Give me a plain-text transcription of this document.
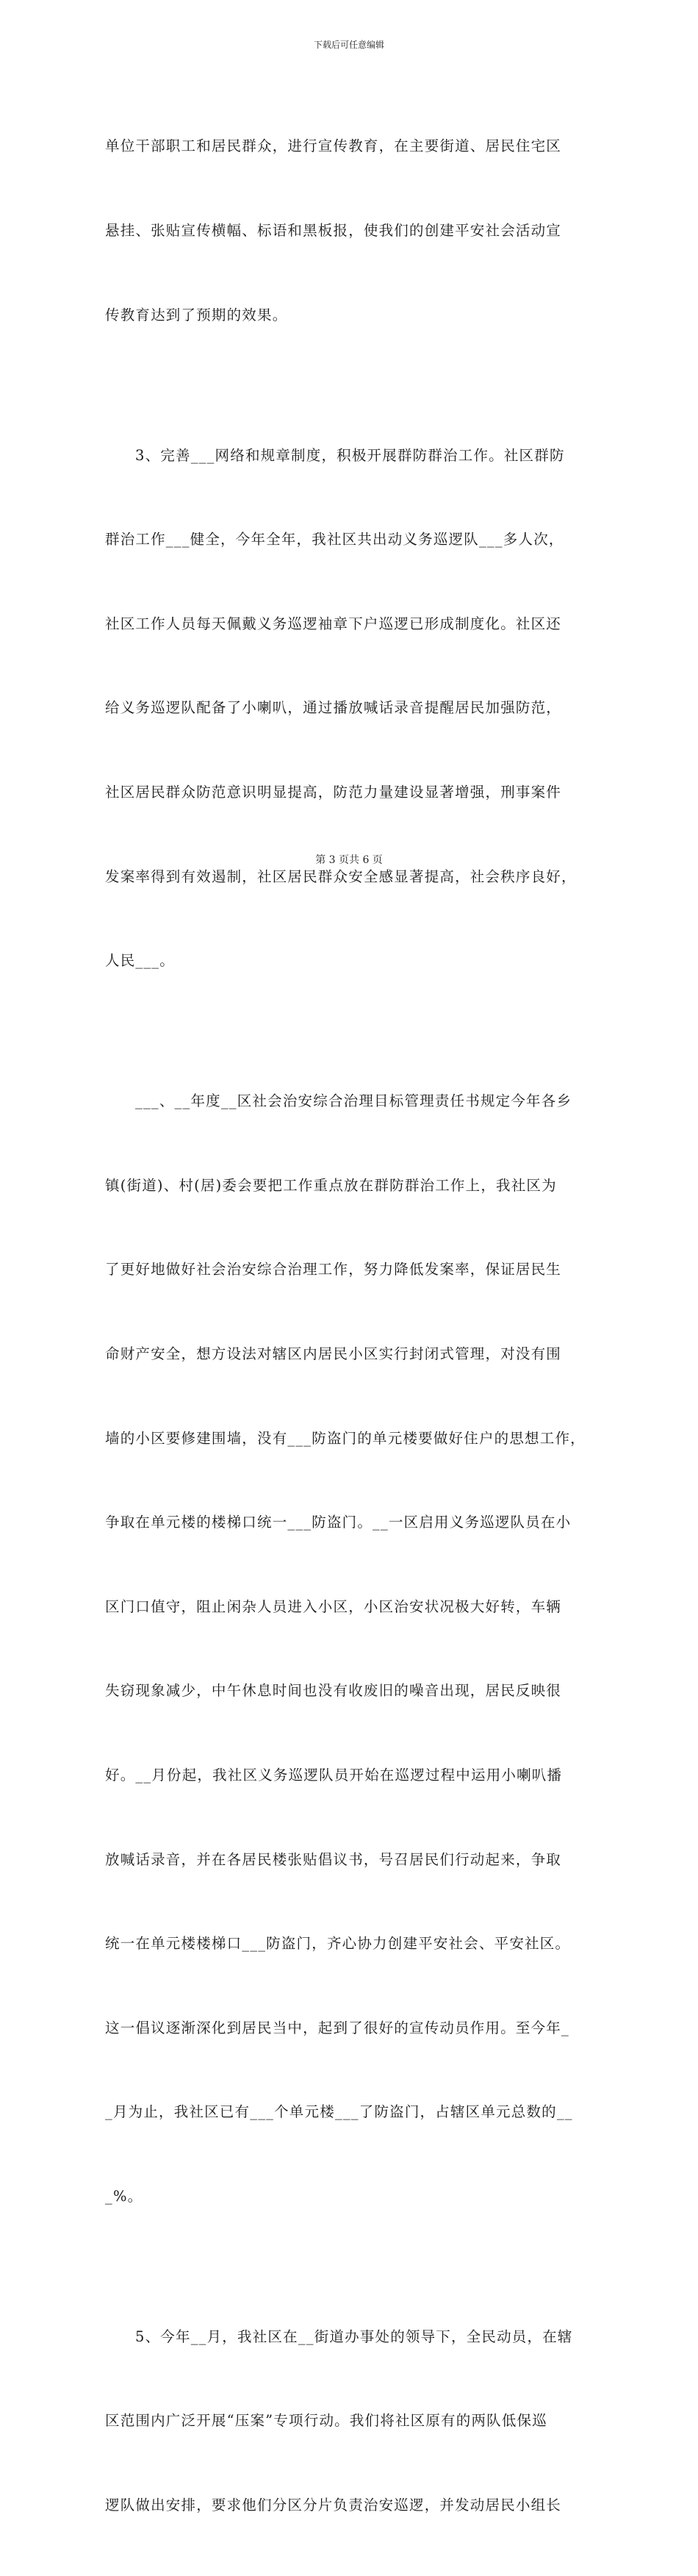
下载后可任意编辑

单位干部职工和居民群众，进行宣传教育，在主要街道、居民住宅区

悬挂、张贴宣传横幅、标语和黑板报，使我们的创建平安社会活动宣

传教育达到了预期的效果。

3、完善___网络和规章制度，积极开展群防群治工作。社区群防

群治工作___健全，今年全年，我社区共出动义务巡逻队___多人次，

社区工作人员每天佩戴义务巡逻袖章下户巡逻已形成制度化。社区还

给义务巡逻队配备了小喇叭，通过播放喊话录音提醒居民加强防范，

社区居民群众防范意识明显提高，防范力量建设显著增强，刑事案件

发案率得到有效遏制，社区居民群众安全感显著提高，社会秩序良好，

人民___。

___、__年度__区社会治安综合治理目标管理责任书规定今年各乡

镇(街道)、村(居)委会要把工作重点放在群防群治工作上，我社区为

了更好地做好社会治安综合治理工作，努力降低发案率，保证居民生

命财产安全，想方设法对辖区内居民小区实行封闭式管理，对没有围

墙的小区要修建围墙，没有___防盗门的单元楼要做好住户的思想工作，

争取在单元楼的楼梯口统一___防盗门。__一区启用义务巡逻队员在小

区门口值守，阻止闲杂人员进入小区，小区治安状况极大好转，车辆

失窃现象减少，中午休息时间也没有收废旧的噪音出现，居民反映很

好。__月份起，我社区义务巡逻队员开始在巡逻过程中运用小喇叭播

放喊话录音，并在各居民楼张贴倡议书，号召居民们行动起来，争取

统一在单元楼楼梯口___防盗门，齐心协力创建平安社会、平安社区。

这一倡议逐渐深化到居民当中，起到了很好的宣传动员作用。至今年_

_月为止，我社区已有___个单元楼___了防盗门，占辖区单元总数的__

_%。

5、今年__月，我社区在__街道办事处的领导下，全民动员，在辖

区范围内广泛开展“压案”专项行动。我们将社区原有的两队低保巡

逻队做出安排，要求他们分区分片负责治安巡逻，并发动居民小组长

第 3 页共 6 页
